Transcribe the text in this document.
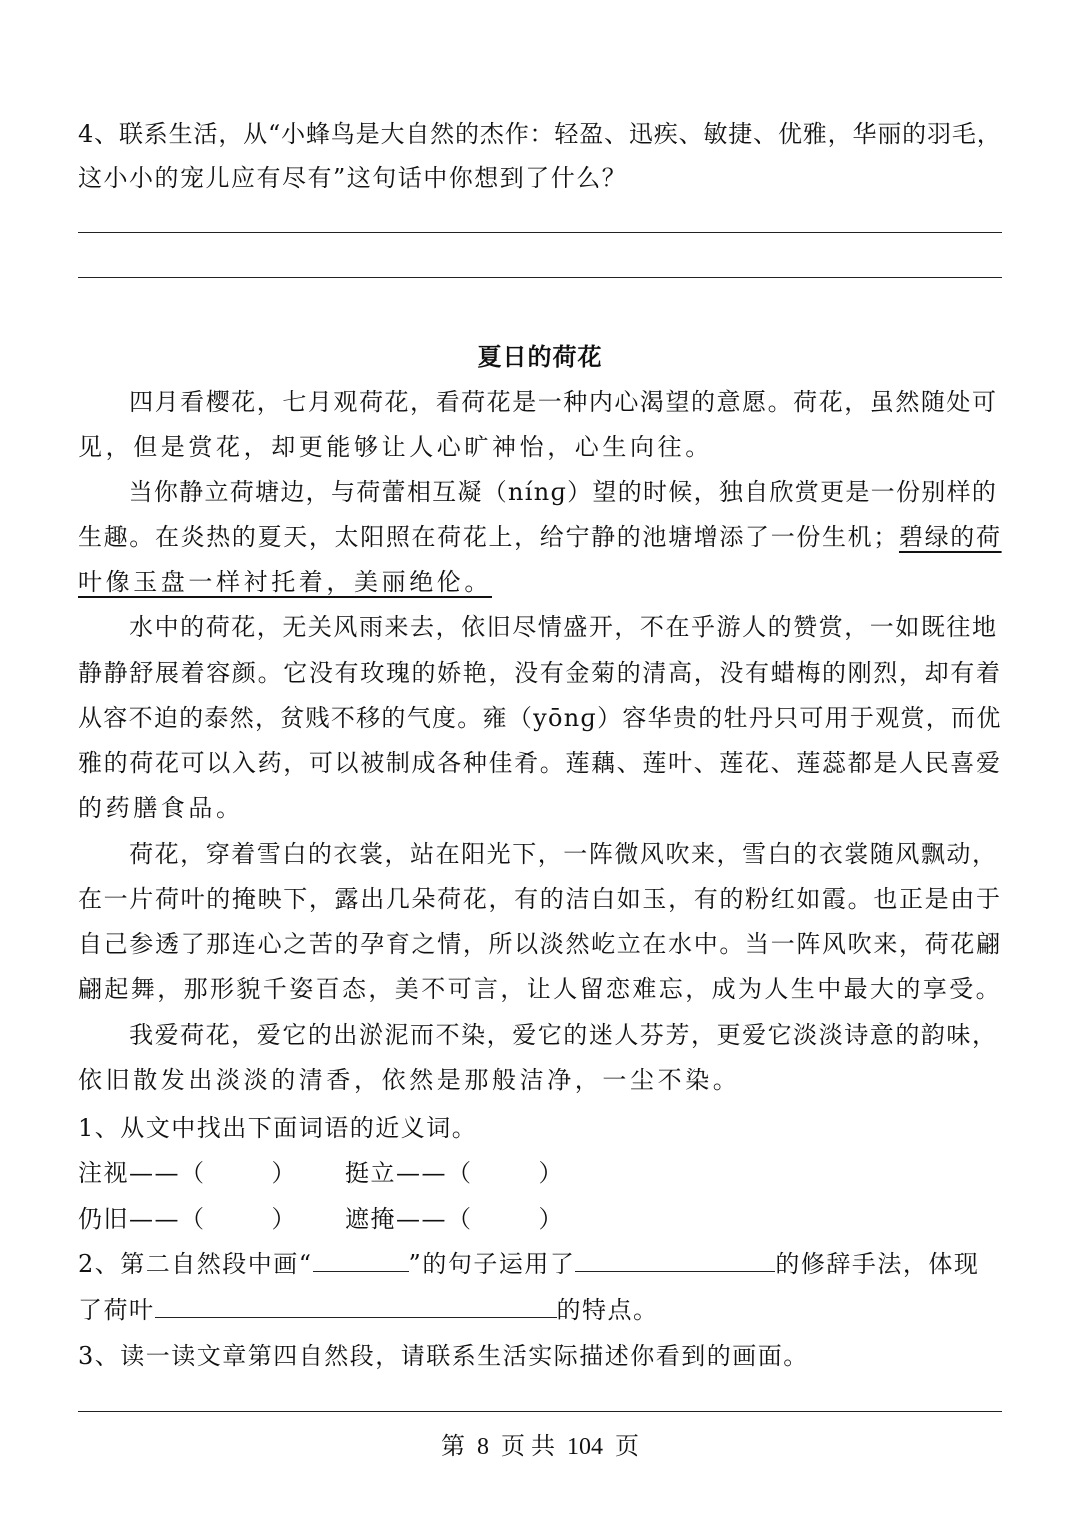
4、联系生活，从“小蜂鸟是大自然的杰作：轻盈、迅疾、敏捷、优雅，华丽的羽毛，
这小小的宠儿应有尽有”这句话中你想到了什么？
夏日的荷花
　　四月看樱花，七月观荷花，看荷花是一种内心渴望的意愿。荷花，虽然随处可
见，但是赏花，却更能够让人心旷神怡，心生向往。
　　当你静立荷塘边，与荷蕾相互凝（nínɡ）望的时候，独自欣赏更是一份别样的
生趣。在炎热的夏天，太阳照在荷花上，给宁静的池塘增添了一份生机；碧绿的荷
叶像玉盘一样衬托着，美丽绝伦。
　　水中的荷花，无关风雨来去，依旧尽情盛开，不在乎游人的赞赏，一如既往地
静静舒展着容颜。它没有玫瑰的娇艳，没有金菊的清高，没有蜡梅的刚烈，却有着
从容不迫的泰然，贫贱不移的气度。雍（yōnɡ）容华贵的牡丹只可用于观赏，而优
雅的荷花可以入药，可以被制成各种佳肴。莲藕、莲叶、莲花、莲蕊都是人民喜爱
的药膳食品。
　　荷花，穿着雪白的衣裳，站在阳光下，一阵微风吹来，雪白的衣裳随风飘动，
在一片荷叶的掩映下，露出几朵荷花，有的洁白如玉，有的粉红如霞。也正是由于
自己参透了那连心之苦的孕育之情，所以淡然屹立在水中。当一阵风吹来，荷花翩
翩起舞，那形貌千姿百态，美不可言，让人留恋难忘，成为人生中最大的享受。
　　我爱荷花，爱它的出淤泥而不染，爱它的迷人芬芳，更爱它淡淡诗意的韵味，
依旧散发出淡淡的清香，依然是那般洁净，一尘不染。
1、从文中找出下面词语的近义词。
注视——（	） 挺立——（	）
仍旧——（	） 遮掩——（	）
2、第二自然段中画“	”的句子运用了	的修辞手法，体现
了荷叶	的特点。
3、读一读文章第四自然段，请联系生活实际描述你看到的画面。
第 8 页 共 104 页
